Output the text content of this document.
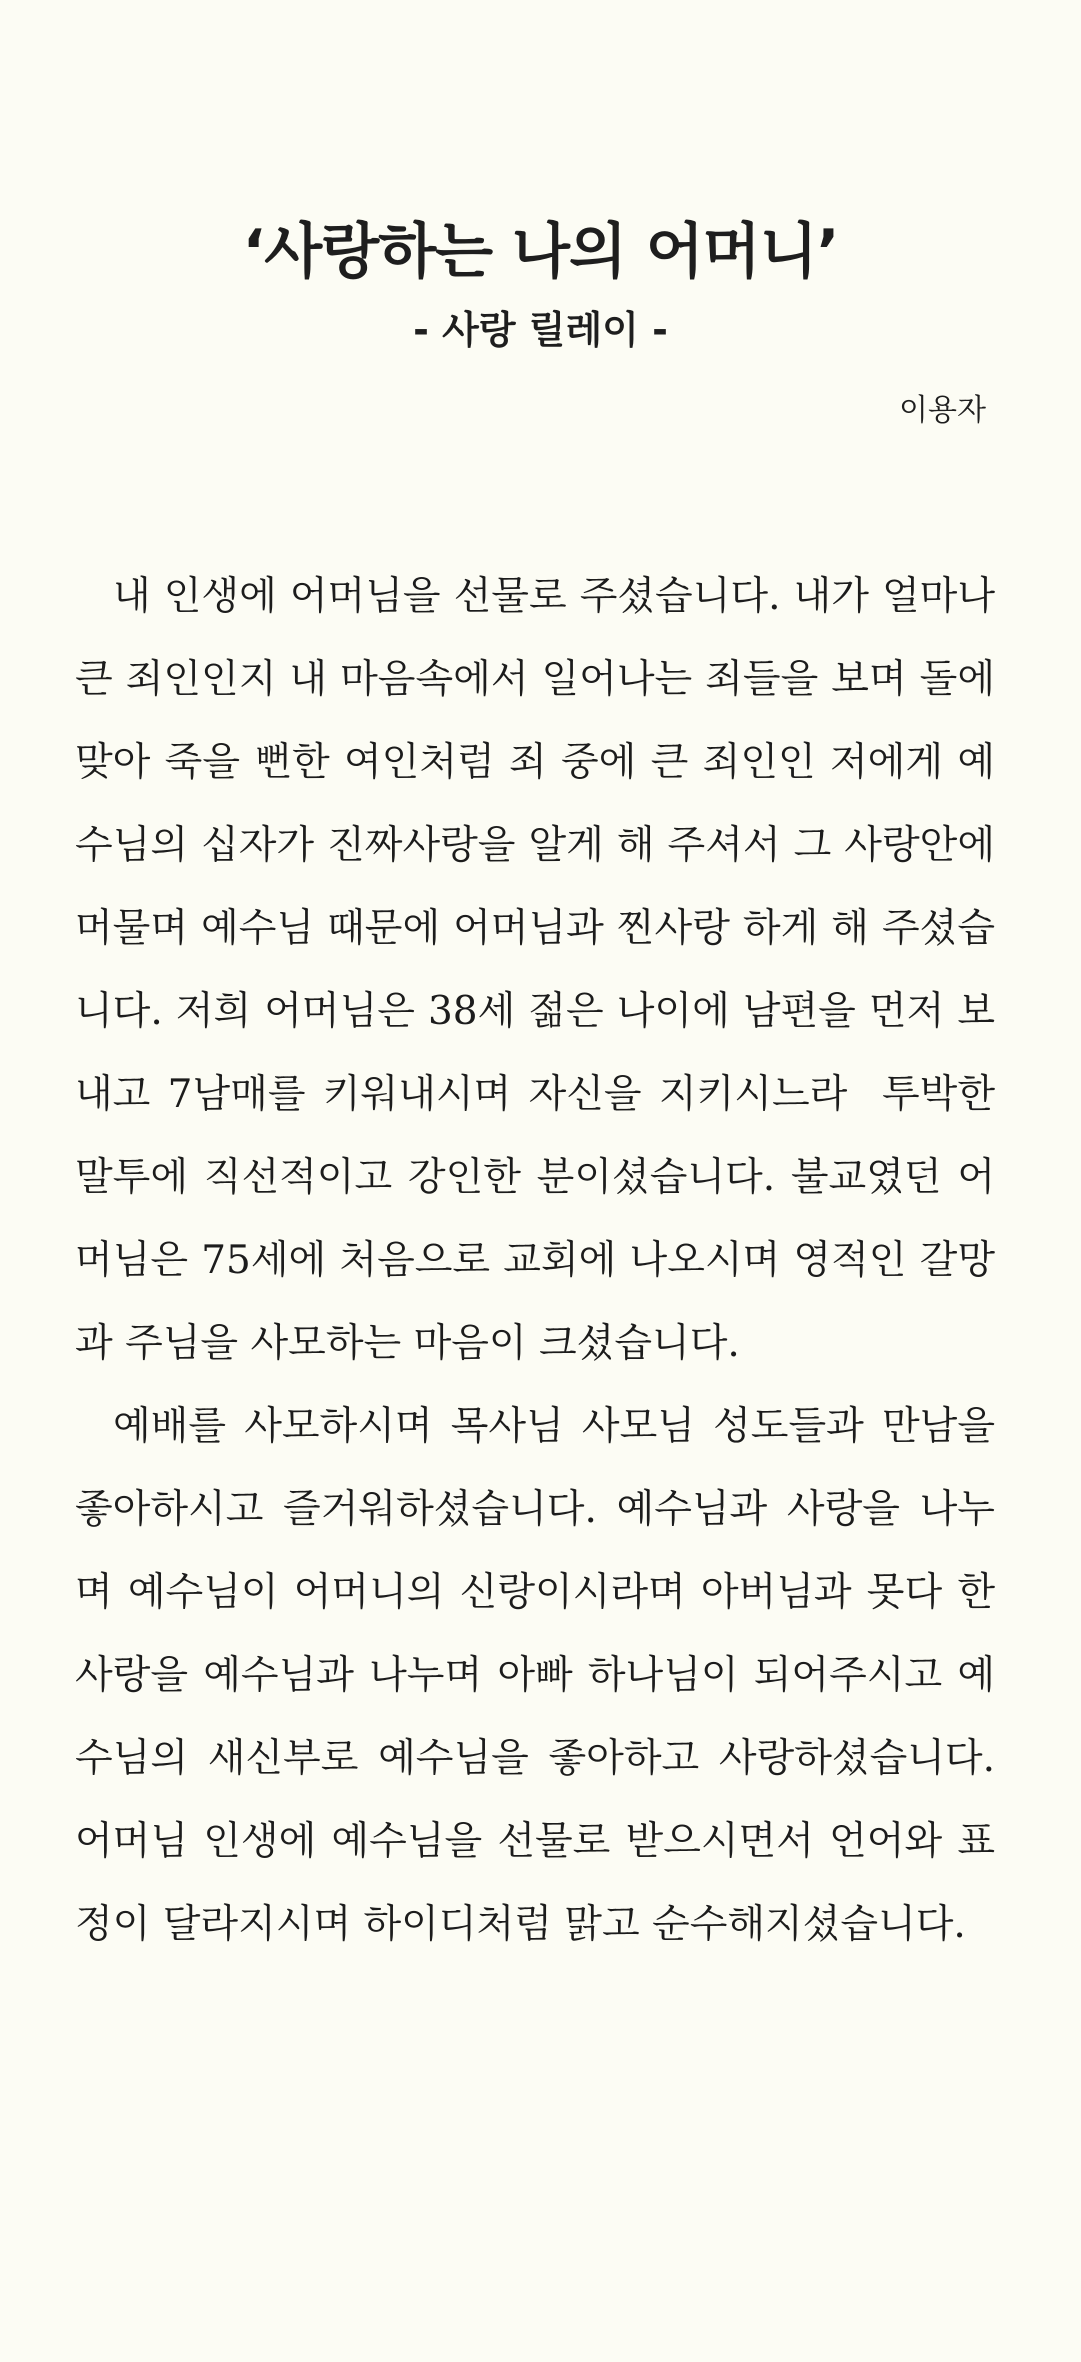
‘사랑하는 나의 어머니’
- 사랑 릴레이 -

이용자

내 인생에 어머님을 선물로 주셨습니다. 내가 얼마나 큰 죄인인지 내 마음속에서 일어나는 죄들을 보며 돌에 맞아 죽을 뻔한 여인처럼 죄 중에 큰 죄인인 저에게 예수님의 십자가 진짜사랑을 알게 해 주셔서 그 사랑안에 머물며 예수님 때문에 어머님과 찐사랑 하게 해 주셨습니다. 저희 어머님은 38세 젊은 나이에 남편을 먼저 보내고 7남매를 키워내시며 자신을 지키시느라  투박한 말투에 직선적이고 강인한 분이셨습니다. 불교였던 어머님은 75세에 처음으로 교회에 나오시며 영적인 갈망과 주님을 사모하는 마음이 크셨습니다.

예배를 사모하시며 목사님 사모님 성도들과 만남을 좋아하시고 즐거워하셨습니다. 예수님과 사랑을 나누며 예수님이 어머니의 신랑이시라며 아버님과 못다 한 사랑을 예수님과 나누며 아빠 하나님이 되어주시고 예수님의 새신부로 예수님을 좋아하고 사랑하셨습니다. 어머님 인생에 예수님을 선물로 받으시면서 언어와 표정이 달라지시며 하이디처럼 맑고 순수해지셨습니다.
